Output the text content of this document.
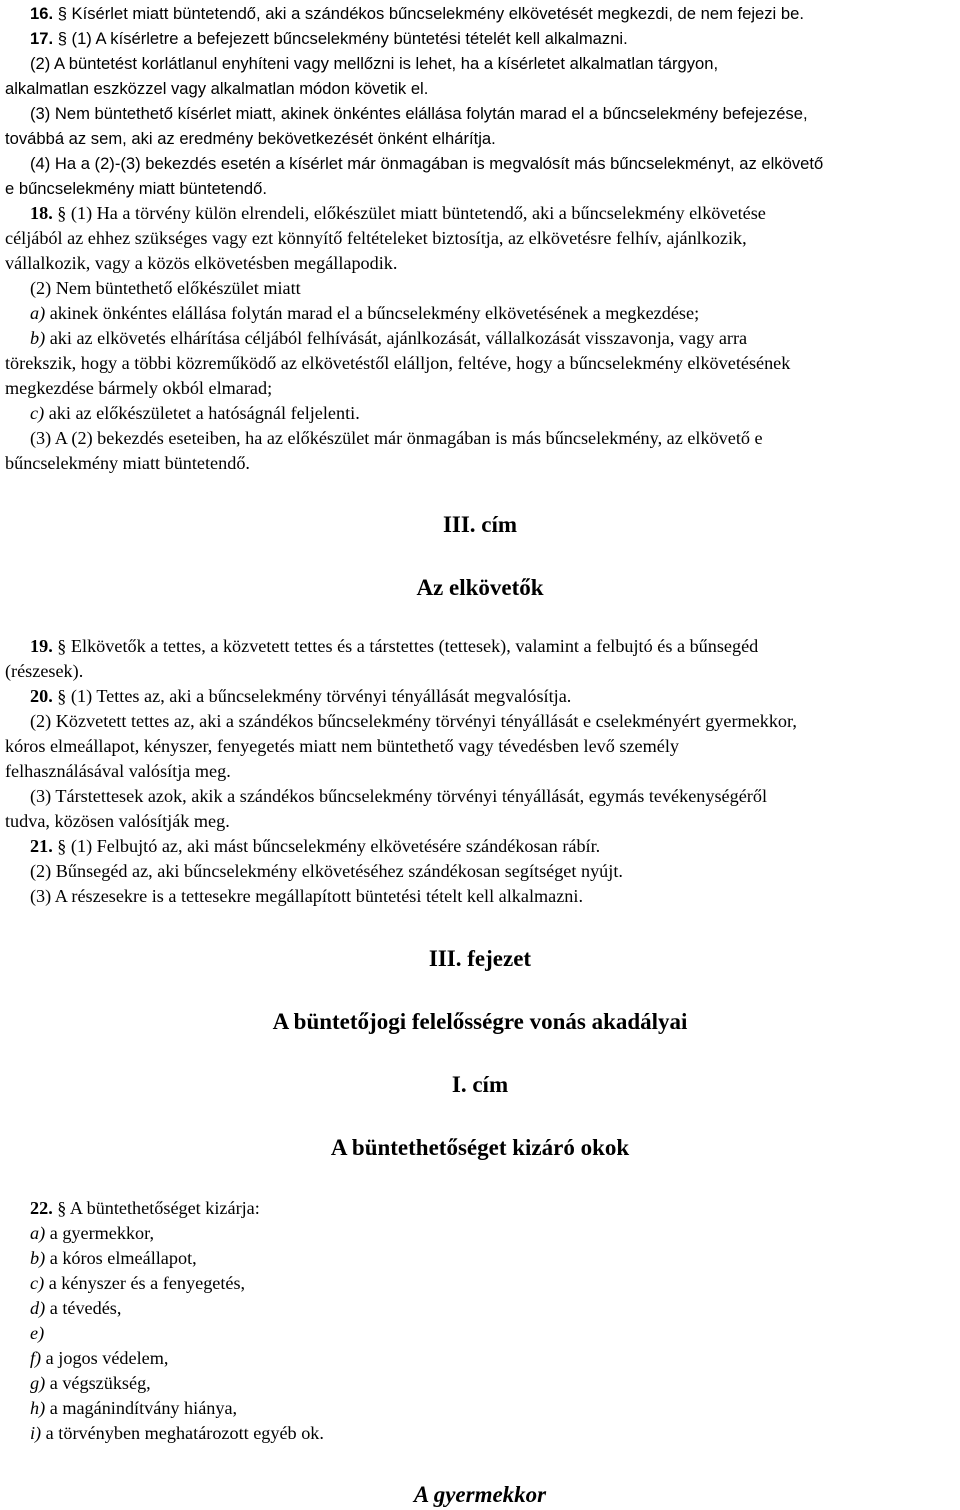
16. § Kísérlet miatt büntetendő, aki a szándékos bűncselekmény elkövetését megkezdi, de nem fejezi be.
17. § (1) A kísérletre a befejezett bűncselekmény büntetési tételét kell alkalmazni.
(2) A büntetést korlátlanul enyhíteni vagy mellőzni is lehet, ha a kísérletet alkalmatlan tárgyon,
alkalmatlan eszközzel vagy alkalmatlan módon követik el.
(3) Nem büntethető kísérlet miatt, akinek önkéntes elállása folytán marad el a bűncselekmény befejezése,
továbbá az sem, aki az eredmény bekövetkezését önként elhárítja.
(4) Ha a (2)-(3) bekezdés esetén a kísérlet már önmagában is megvalósít más bűncselekményt, az elkövető
e bűncselekmény miatt büntetendő.
18. § (1) Ha a törvény külön elrendeli, előkészület miatt büntetendő, aki a bűncselekmény elkövetése
céljából az ehhez szükséges vagy ezt könnyítő feltételeket biztosítja, az elkövetésre felhív, ajánlkozik,
vállalkozik, vagy a közös elkövetésben megállapodik.
(2) Nem büntethető előkészület miatt
a) akinek önkéntes elállása folytán marad el a bűncselekmény elkövetésének a megkezdése;
b) aki az elkövetés elhárítása céljából felhívását, ajánlkozását, vállalkozását visszavonja, vagy arra
törekszik, hogy a többi közreműködő az elkövetéstől elálljon, feltéve, hogy a bűncselekmény elkövetésének
megkezdése bármely okból elmarad;
c) aki az előkészületet a hatóságnál feljelenti.
(3) A (2) bekezdés eseteiben, ha az előkészület már önmagában is más bűncselekmény, az elkövető e
bűncselekmény miatt büntetendő.
III. cím
Az elkövetők
19. § Elkövetők a tettes, a közvetett tettes és a társtettes (tettesek), valamint a felbujtó és a bűnsegéd
(részesek).
20. § (1) Tettes az, aki a bűncselekmény törvényi tényállását megvalósítja.
(2) Közvetett tettes az, aki a szándékos bűncselekmény törvényi tényállását e cselekményért gyermekkor,
kóros elmeállapot, kényszer, fenyegetés miatt nem büntethető vagy tévedésben levő személy
felhasználásával valósítja meg.
(3) Társtettesek azok, akik a szándékos bűncselekmény törvényi tényállását, egymás tevékenységéről
tudva, közösen valósítják meg.
21. § (1) Felbujtó az, aki mást bűncselekmény elkövetésére szándékosan rábír.
(2) Bűnsegéd az, aki bűncselekmény elkövetéséhez szándékosan segítséget nyújt.
(3) A részesekre is a tettesekre megállapított büntetési tételt kell alkalmazni.
III. fejezet
A büntetőjogi felelősségre vonás akadályai
I. cím
A büntethetőséget kizáró okok
22. § A büntethetőséget kizárja:
a) a gyermekkor,
b) a kóros elmeállapot,
c) a kényszer és a fenyegetés,
d) a tévedés,
e)
f) a jogos védelem,
g) a végszükség,
h) a magánindítvány hiánya,
i) a törvényben meghatározott egyéb ok.
A gyermekkor
